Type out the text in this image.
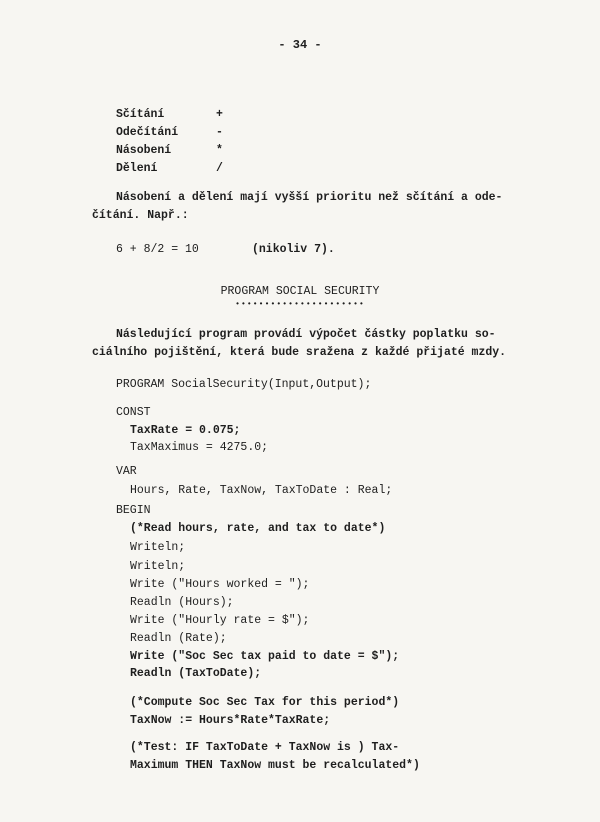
- 34 -
Sčítání	+
Odečítání	-
Násobení	*
Dělení	/
Násobení a dělení mají vyšší prioritu než sčítání a ode-
čítání. Např.:
6 + 8/2 = 10	(nikoliv 7).
PROGRAM SOCIAL SECURITY
••••••••••••••••••••••
Následující program provádí výpočet částky poplatku so-
ciálního pojištění, která bude sražena z každé přijaté mzdy.
PROGRAM SocialSecurity(Input,Output);
CONST
TaxRate = 0.075;
TaxMaximus = 4275.0;
VAR
Hours, Rate, TaxNow, TaxToDate : Real;
BEGIN
(*Read hours, rate, and tax to date*)
Writeln;
Writeln;
Write ("Hours worked = ");
Readln (Hours);
Write ("Hourly rate = $");
Readln (Rate);
Write ("Soc Sec tax paid to date = $");
Readln (TaxToDate);
(*Compute Soc Sec Tax for this period*)
TaxNow := Hours*Rate*TaxRate;
(*Test: IF TaxToDate + TaxNow is ) Tax-
Maximum THEN TaxNow must be recalculated*)
